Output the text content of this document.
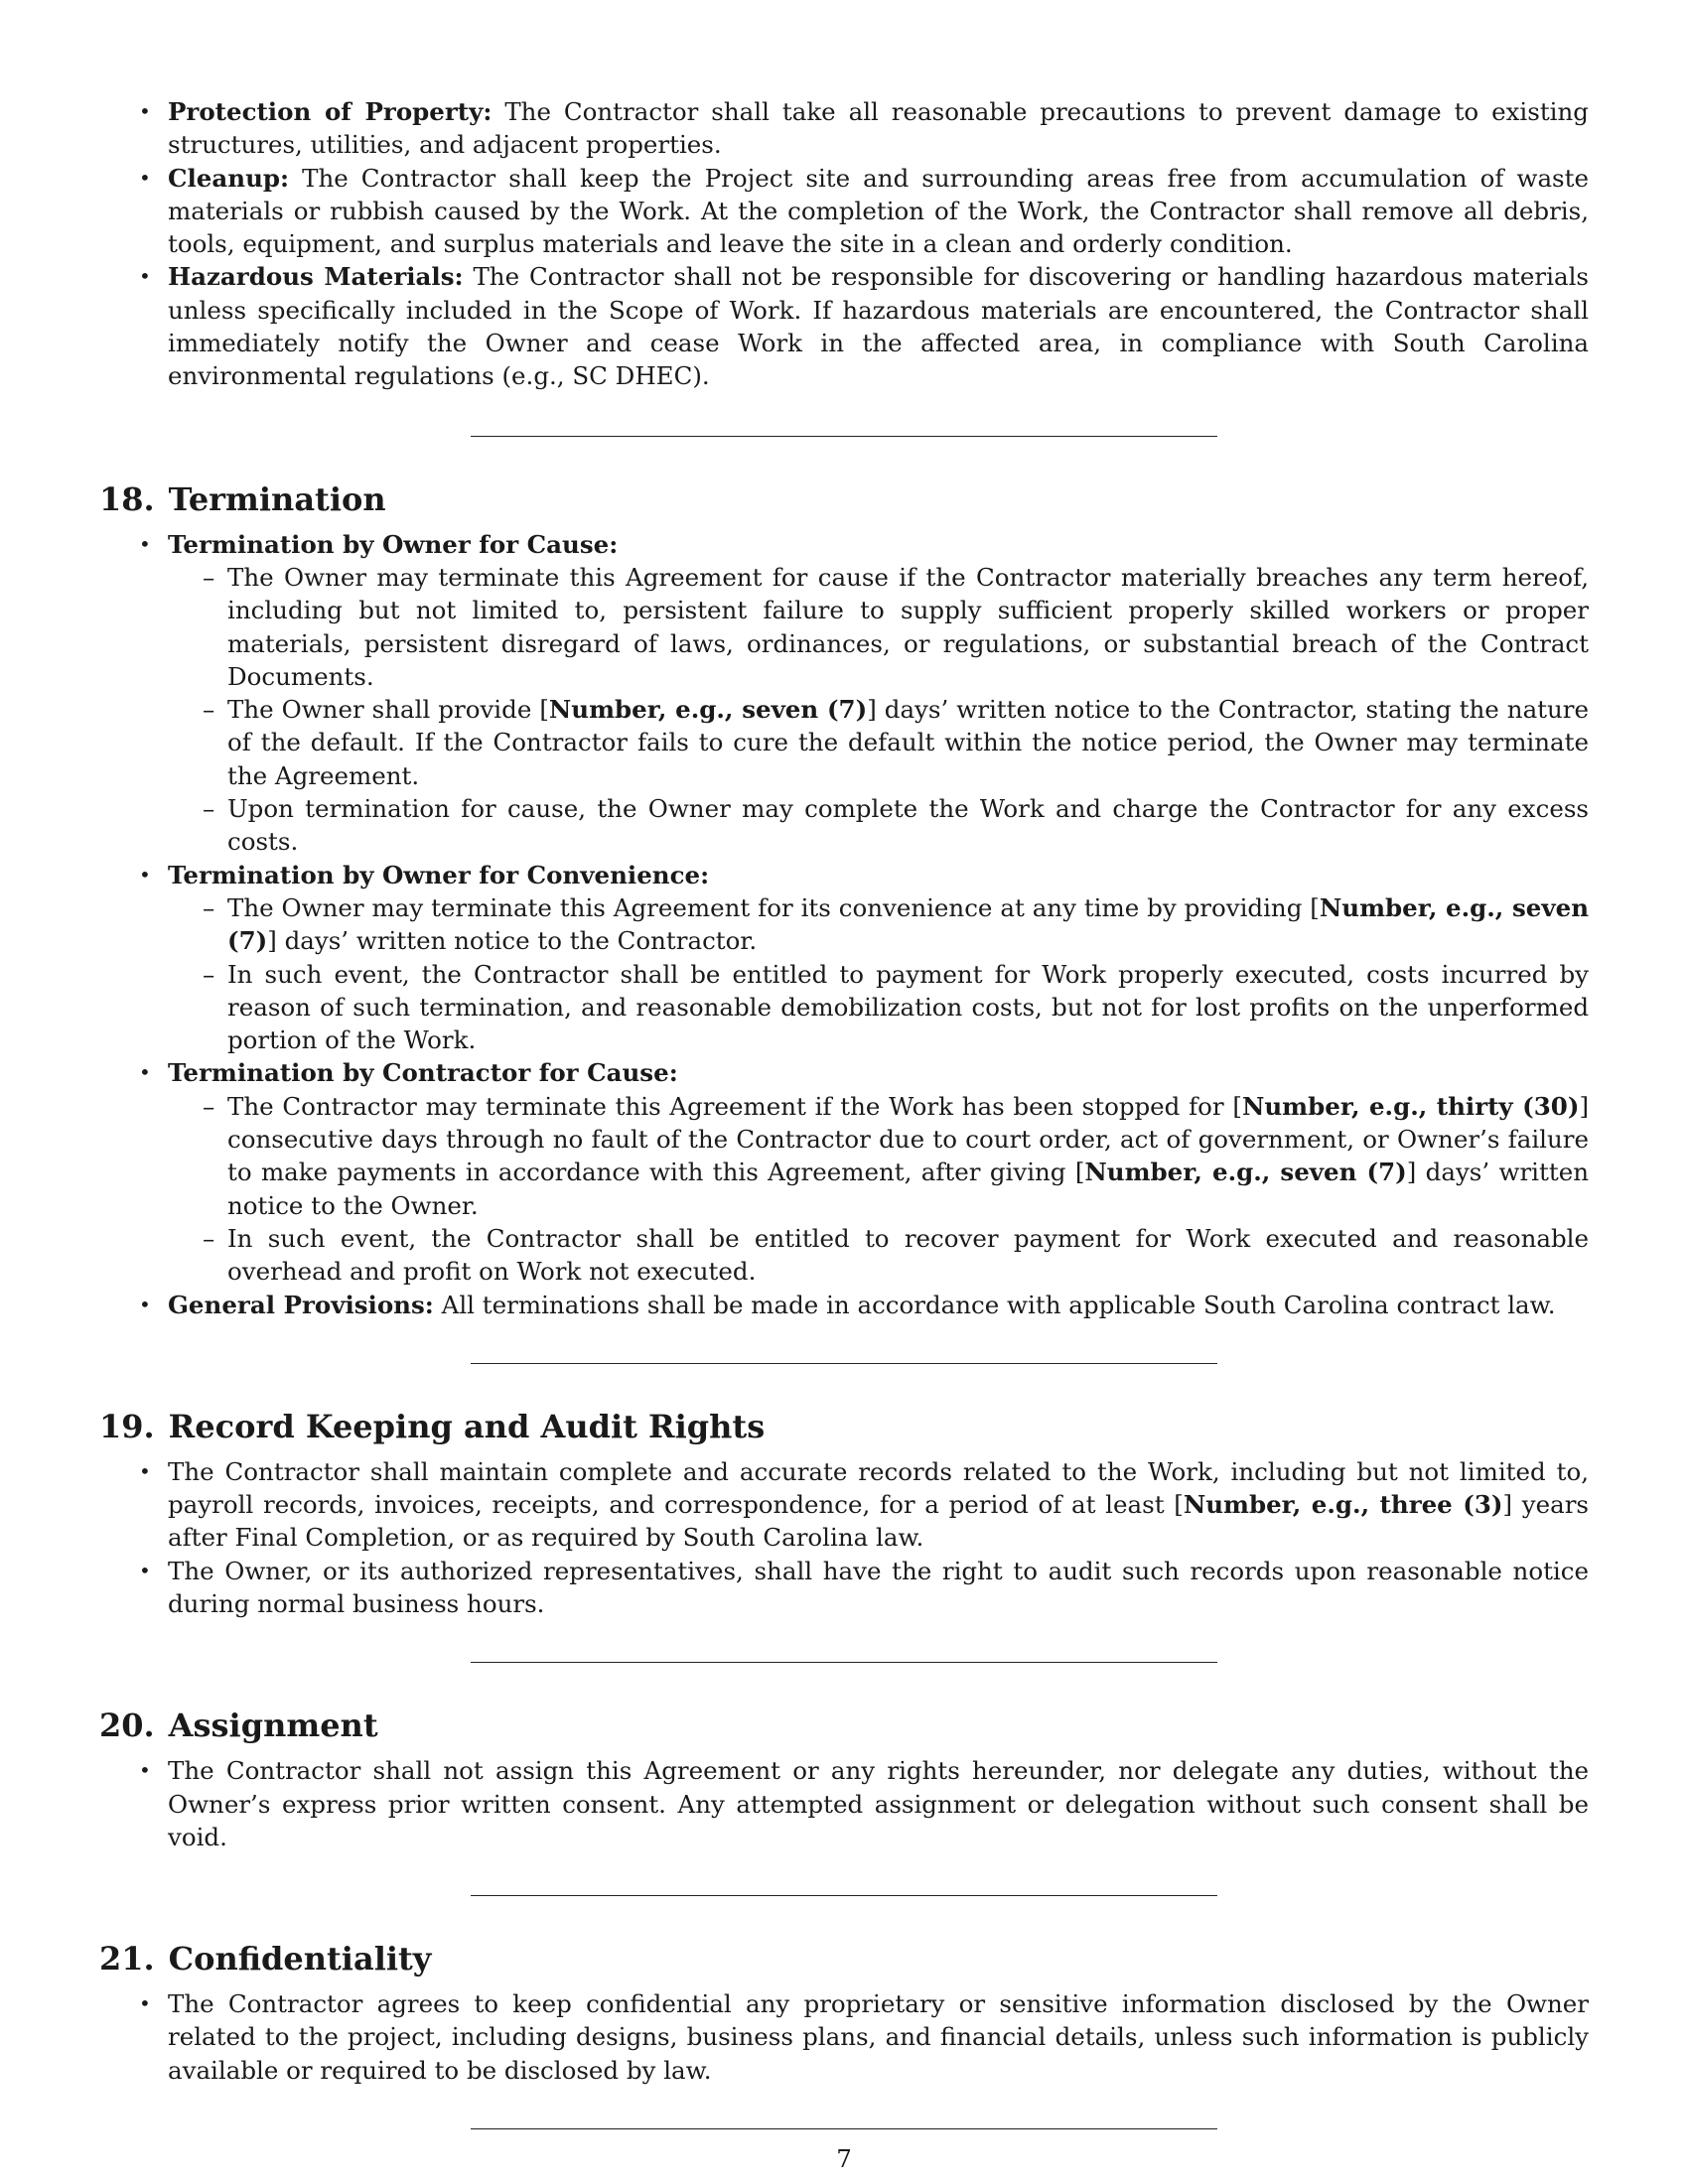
• Protection of Property: The Contractor shall take all reasonable precautions to prevent damage to existing structures, utilities, and adjacent properties.
• Cleanup: The Contractor shall keep the Project site and surrounding areas free from accumulation of waste materials or rubbish caused by the Work. At the completion of the Work, the Contractor shall remove all debris, tools, equipment, and surplus materials and leave the site in a clean and orderly condition.
• Hazardous Materials: The Contractor shall not be responsible for discovering or handling hazardous materials unless specifically included in the Scope of Work. If hazardous materials are encountered, the Contractor shall immediately notify the Owner and cease Work in the affected area, in compliance with South Carolina environmental regulations (e.g., SC DHEC).
18. Termination
• Termination by Owner for Cause:
– The Owner may terminate this Agreement for cause if the Contractor materially breaches any term hereof, including but not limited to, persistent failure to supply sufficient properly skilled workers or proper materials, persistent disregard of laws, ordinances, or regulations, or substantial breach of the Contract Documents.
– The Owner shall provide [Number, e.g., seven (7)] days’ written notice to the Contractor, stating the nature of the default. If the Contractor fails to cure the default within the notice period, the Owner may terminate the Agreement.
– Upon termination for cause, the Owner may complete the Work and charge the Contractor for any excess costs.
• Termination by Owner for Convenience:
– The Owner may terminate this Agreement for its convenience at any time by providing [Number, e.g., seven (7)] days’ written notice to the Contractor.
– In such event, the Contractor shall be entitled to payment for Work properly executed, costs incurred by reason of such termination, and reasonable demobilization costs, but not for lost profits on the unperformed portion of the Work.
• Termination by Contractor for Cause:
– The Contractor may terminate this Agreement if the Work has been stopped for [Number, e.g., thirty (30)] consecutive days through no fault of the Contractor due to court order, act of government, or Owner’s failure to make payments in accordance with this Agreement, after giving [Number, e.g., seven (7)] days’ written notice to the Owner.
– In such event, the Contractor shall be entitled to recover payment for Work executed and reasonable overhead and profit on Work not executed.
• General Provisions: All terminations shall be made in accordance with applicable South Carolina contract law.
19. Record Keeping and Audit Rights
• The Contractor shall maintain complete and accurate records related to the Work, including but not limited to, payroll records, invoices, receipts, and correspondence, for a period of at least [Number, e.g., three (3)] years after Final Completion, or as required by South Carolina law.
• The Owner, or its authorized representatives, shall have the right to audit such records upon reasonable notice during normal business hours.
20. Assignment
• The Contractor shall not assign this Agreement or any rights hereunder, nor delegate any duties, without the Owner’s express prior written consent. Any attempted assignment or delegation without such consent shall be void.
21. Confidentiality
• The Contractor agrees to keep confidential any proprietary or sensitive information disclosed by the Owner related to the project, including designs, business plans, and financial details, unless such information is publicly available or required to be disclosed by law.
7
